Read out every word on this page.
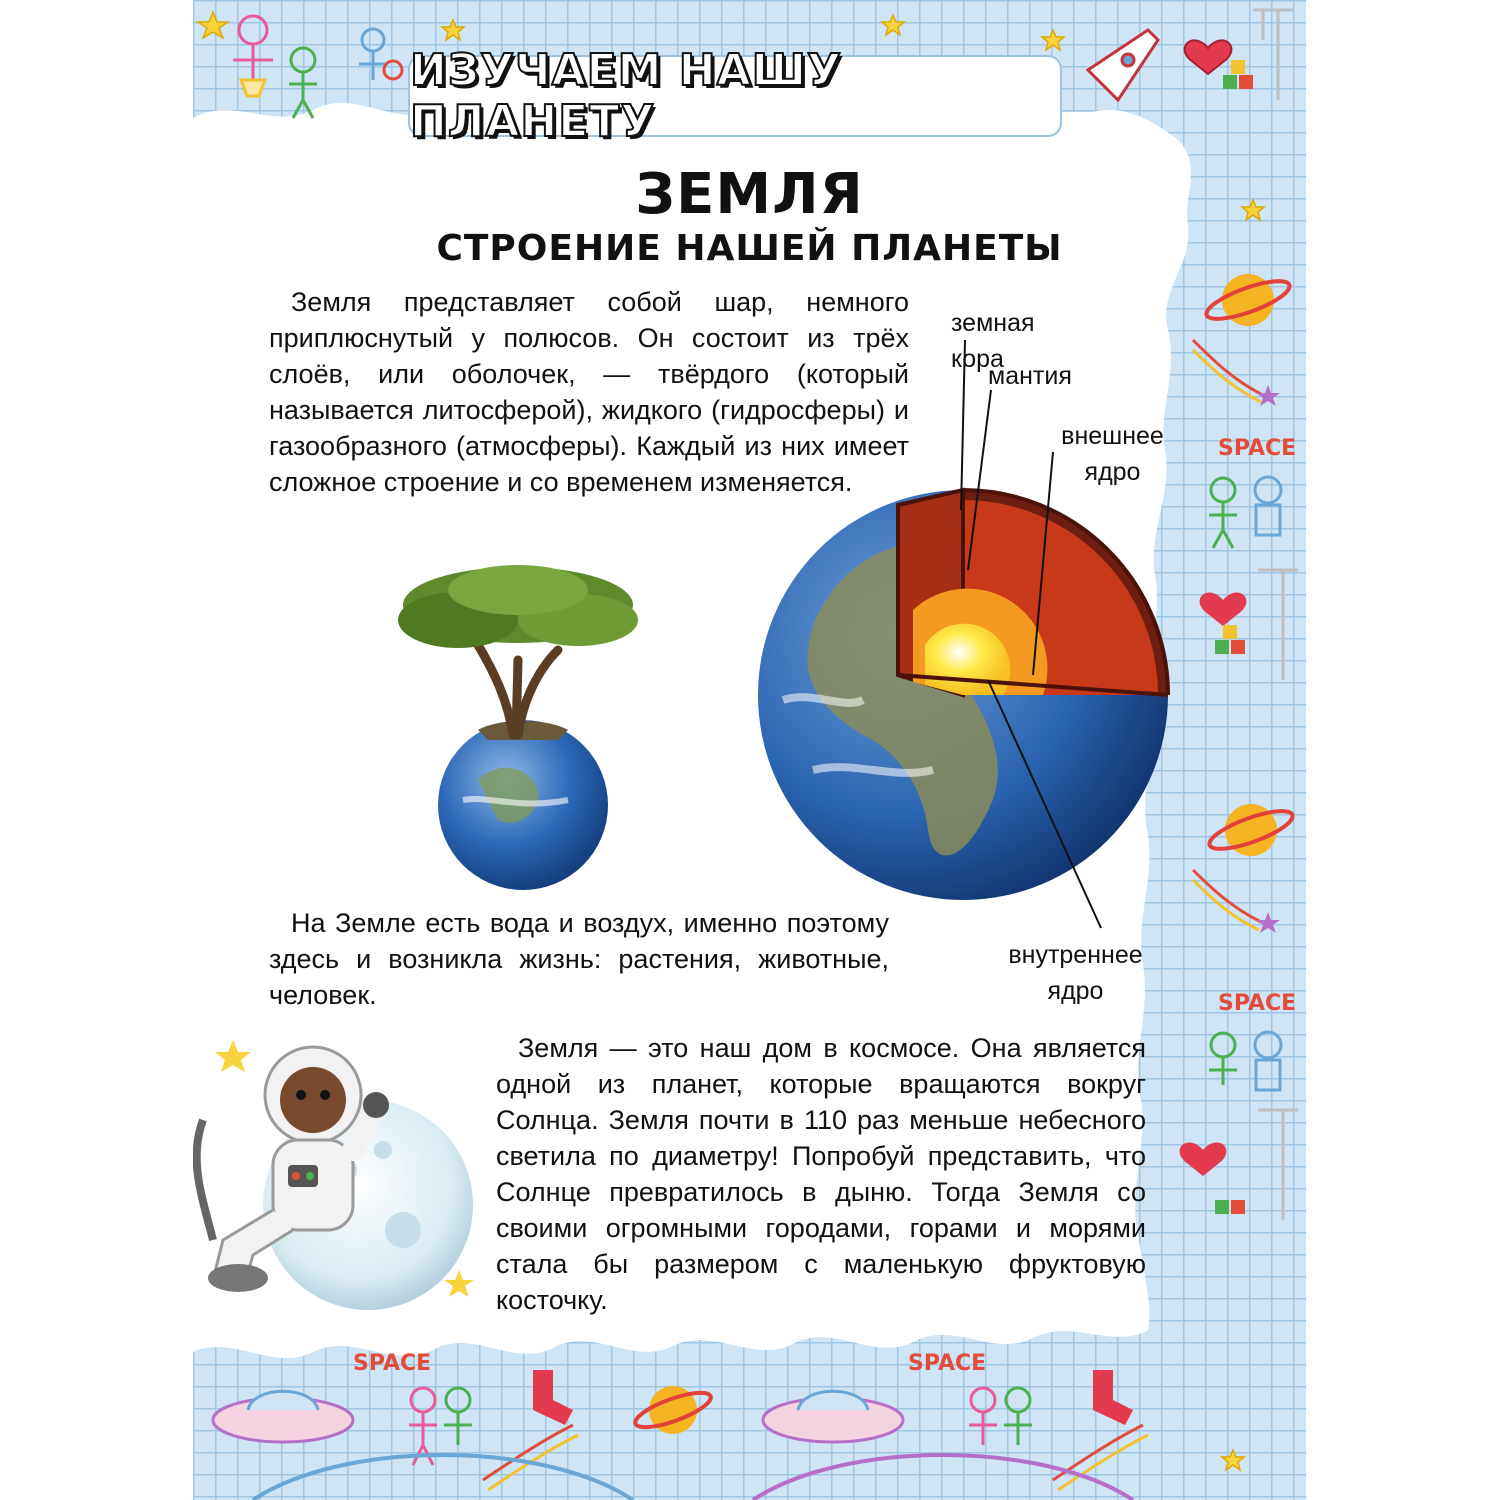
SPACE
SPACE
SPACE	SPACE
ИЗУЧАЕМ НАШУ ПЛАНЕТУ
ЗЕМЛЯ
СТРОЕНИЕ НАШЕЙ ПЛАНЕТЫ

Земля представляет собой шар, немного приплюснутый у полюсов. Он состоит из трёх слоёв, или оболочек, — твёрдого (который называется литосферой), жидкого (гидросферы) и газообразного (атмосферы). Каждый из них имеет сложное строение и со временем изменяется.

На Земле есть вода и воздух, именно поэтому здесь и возникла жизнь: растения, животные, человек.

Земля — это наш дом в космосе. Она является одной из планет, которые вращаются вокруг Солнца. Земля почти в 110 раз меньше небесного светила по диаметру! Попробуй представить, что Солнце превратилось в дыню. Тогда Земля со своими огромными городами, горами и морями стала бы размером с маленькую фруктовую косточку.

земная кора
мантия
внешнее
ядро
внутреннее
ядро
